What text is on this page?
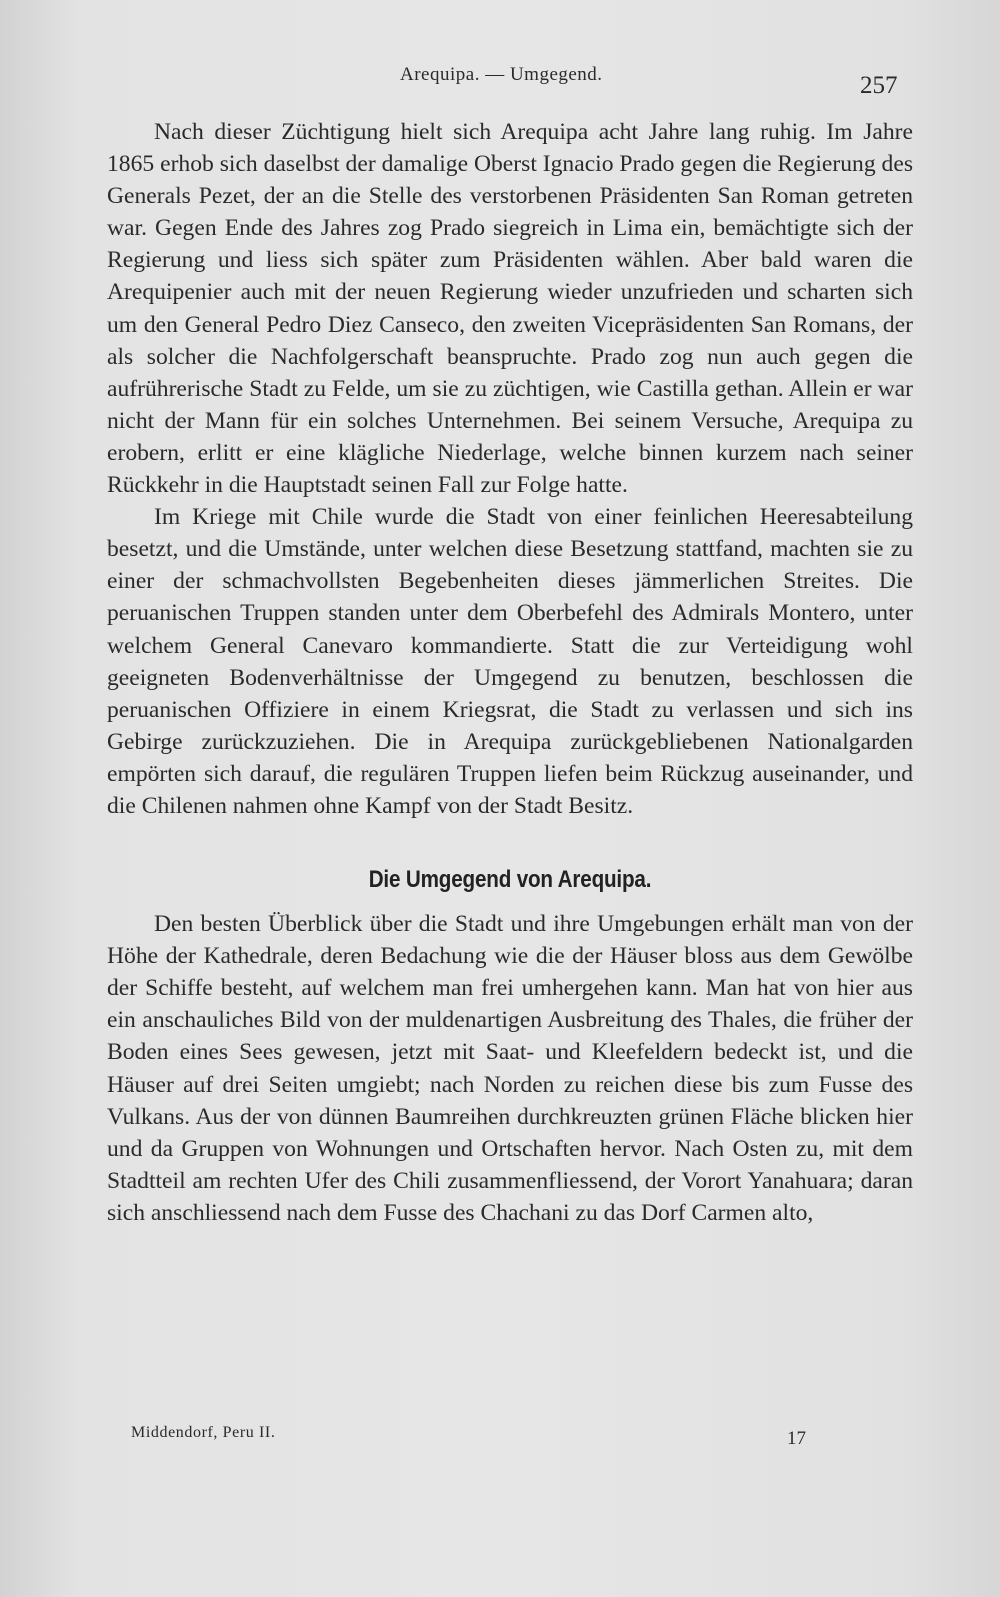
Arequipa. — Umgegend.	257

Nach dieser Züchtigung hielt sich Arequipa acht Jahre lang ruhig. Im Jahre 1865 erhob sich daselbst der damalige Oberst Ignacio Prado gegen die Regierung des Generals Pezet, der an die Stelle des verstorbenen Präsidenten San Roman getreten war. Gegen Ende des Jahres zog Prado siegreich in Lima ein, bemächtigte sich der Regierung und liess sich später zum Präsidenten wählen. Aber bald waren die Arequipenier auch mit der neuen Regierung wieder unzufrieden und scharten sich um den General Pedro Diez Canseco, den zweiten Vicepräsidenten San Romans, der als solcher die Nachfolgerschaft beanspruchte. Prado zog nun auch gegen die aufrührerische Stadt zu Felde, um sie zu züchtigen, wie Castilla gethan. Allein er war nicht der Mann für ein solches Unternehmen. Bei seinem Versuche, Arequipa zu erobern, erlitt er eine klägliche Niederlage, welche binnen kurzem nach seiner Rückkehr in die Hauptstadt seinen Fall zur Folge hatte.

Im Kriege mit Chile wurde die Stadt von einer feinlichen Heeresabteilung besetzt, und die Umstände, unter welchen diese Besetzung stattfand, machten sie zu einer der schmachvollsten Begebenheiten dieses jämmerlichen Streites. Die peruanischen Truppen standen unter dem Oberbefehl des Admirals Montero, unter welchem General Canevaro kommandierte. Statt die zur Verteidigung wohl geeigneten Bodenverhältnisse der Umgegend zu benutzen, beschlossen die peruanischen Offiziere in einem Kriegsrat, die Stadt zu verlassen und sich ins Gebirge zurückzuziehen. Die in Arequipa zurückgebliebenen Nationalgarden empörten sich darauf, die regulären Truppen liefen beim Rückzug auseinander, und die Chilenen nahmen ohne Kampf von der Stadt Besitz.

Die Umgegend von Arequipa.

Den besten Überblick über die Stadt und ihre Umgebungen erhält man von der Höhe der Kathedrale, deren Bedachung wie die der Häuser bloss aus dem Gewölbe der Schiffe besteht, auf welchem man frei umhergehen kann. Man hat von hier aus ein anschauliches Bild von der muldenartigen Ausbreitung des Thales, die früher der Boden eines Sees gewesen, jetzt mit Saat- und Kleefeldern bedeckt ist, und die Häuser auf drei Seiten umgiebt; nach Norden zu reichen diese bis zum Fusse des Vulkans. Aus der von dünnen Baumreihen durchkreuzten grünen Fläche blicken hier und da Gruppen von Wohnungen und Ortschaften hervor. Nach Osten zu, mit dem Stadtteil am rechten Ufer des Chili zusammenfliessend, der Vorort Yanahuara; daran sich anschliessend nach dem Fusse des Chachani zu das Dorf Carmen alto,

Middendorf, Peru II.	17
